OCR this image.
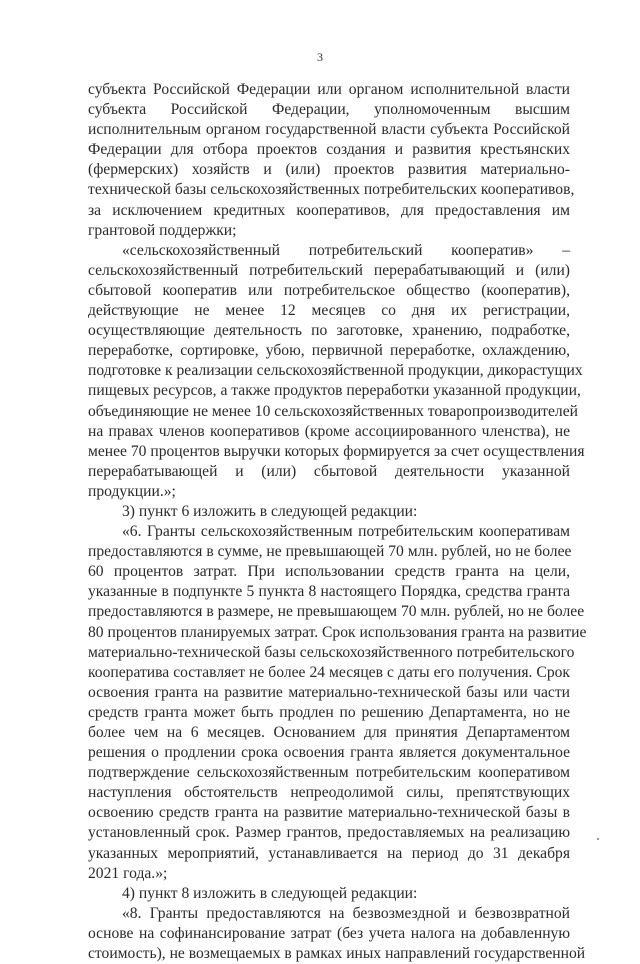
3
субъекта Российской Федерации или органом исполнительной власти
субъекта Российской Федерации, уполномоченным высшим
исполнительным органом государственной власти субъекта Российской
Федерации для отбора проектов создания и развития крестьянских
(фермерских) хозяйств и (или) проектов развития материально-
технической базы сельскохозяйственных потребительских кооперативов,
за исключением кредитных кооперативов, для предоставления им
грантовой поддержки;
«сельскохозяйственный потребительский кооператив» –
сельскохозяйственный потребительский перерабатывающий и (или)
сбытовой кооператив или потребительское общество (кооператив),
действующие не менее 12 месяцев со дня их регистрации,
осуществляющие деятельность по заготовке, хранению, подработке,
переработке, сортировке, убою, первичной переработке, охлаждению,
подготовке к реализации сельскохозяйственной продукции, дикорастущих
пищевых ресурсов, а также продуктов переработки указанной продукции,
объединяющие не менее 10 сельскохозяйственных товаропроизводителей
на правах членов кооперативов (кроме ассоциированного членства), не
менее 70 процентов выручки которых формируется за счет осуществления
перерабатывающей и (или) сбытовой деятельности указанной
продукции.»;
3) пункт 6 изложить в следующей редакции:
«6. Гранты сельскохозяйственным потребительским кооперативам
предоставляются в сумме, не превышающей 70 млн. рублей, но не более
60 процентов затрат. При использовании средств гранта на цели,
указанные в подпункте 5 пункта 8 настоящего Порядка, средства гранта
предоставляются в размере, не превышающем 70 млн. рублей, но не более
80 процентов планируемых затрат. Срок использования гранта на развитие
материально-технической базы сельскохозяйственного потребительского
кооператива составляет не более 24 месяцев с даты его получения. Срок
освоения гранта на развитие материально-технической базы или части
средств гранта может быть продлен по решению Департамента, но не
более чем на 6 месяцев. Основанием для принятия Департаментом
решения о продлении срока освоения гранта является документальное
подтверждение сельскохозяйственным потребительским кооперативом
наступления обстоятельств непреодолимой силы, препятствующих
освоению средств гранта на развитие материально-технической базы в
установленный срок. Размер грантов, предоставляемых на реализацию
указанных мероприятий, устанавливается на период до 31 декабря
2021 года.»;
4) пункт 8 изложить в следующей редакции:
«8. Гранты предоставляются на безвозмездной и безвозвратной
основе на софинансирование затрат (без учета налога на добавленную
стоимость), не возмещаемых в рамках иных направлений государственной
